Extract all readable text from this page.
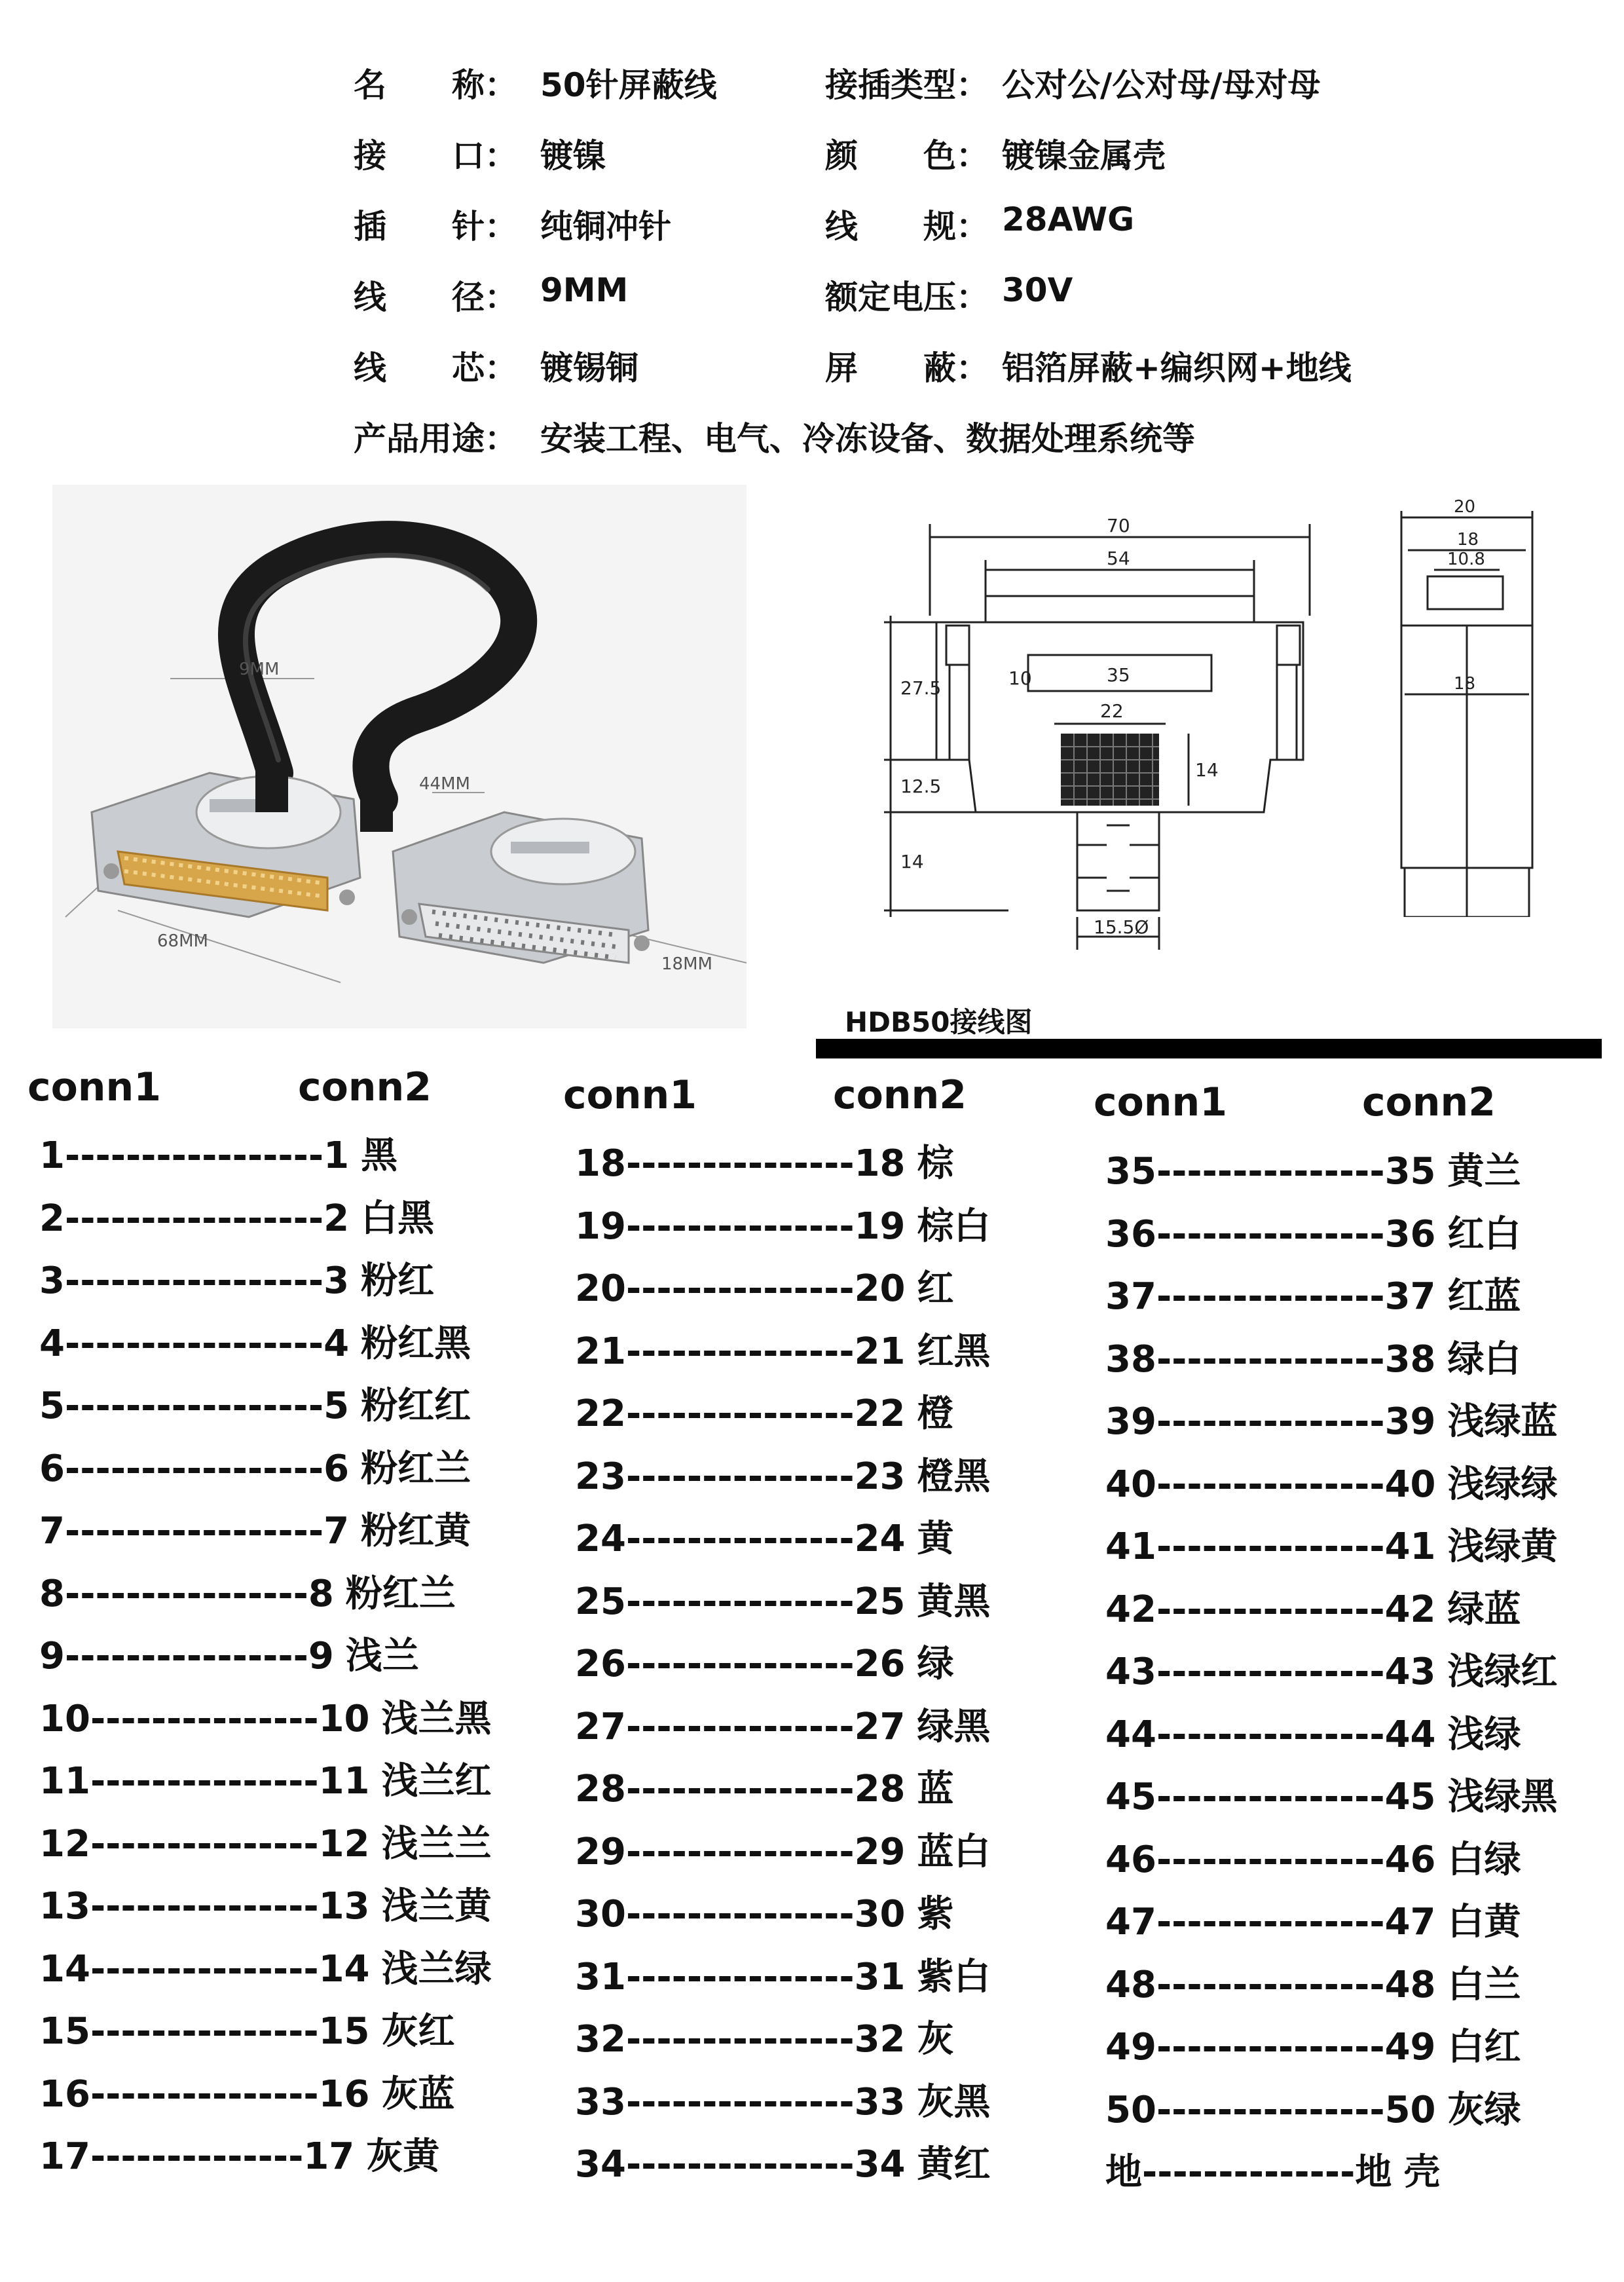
名　　称： 50针屏蔽线	接插类型： 公对公/公对母/母对母
接　　口： 镀镍	颜　　色： 镀镍金属壳
插　　针： 纯铜冲针	线　　规： 28AWG
线　　径： 9MM	额定电压： 30V
线　　芯： 镀锡铜	屏　　蔽： 铝箔屏蔽+编织网+地线
产品用途： 安装工程、电气、冷冻设备、数据处理系统等
9MM
68MM
44MM
18MM
70
54
35
10
22
14
27.5
12.5
14
15.5Ø
20
18
10.8
18
HDB50接线图
conn1	conn2	conn1	conn2	conn1	conn2
1-----------------1 黑
2-----------------2 白黑
3-----------------3 粉红
4-----------------4 粉红黑
5-----------------5 粉红红
6-----------------6 粉红兰
7-----------------7 粉红黄
8----------------8 粉红兰
9----------------9 浅兰
10---------------10 浅兰黑
11---------------11 浅兰红
12---------------12 浅兰兰
13---------------13 浅兰黄
14---------------14 浅兰绿
15---------------15 灰红
16---------------16 灰蓝
17--------------17 灰黄
18---------------18 棕
19---------------19 棕白
20---------------20 红
21---------------21 红黑
22---------------22 橙
23---------------23 橙黑
24---------------24 黄
25---------------25 黄黑
26---------------26 绿
27---------------27 绿黑
28---------------28 蓝
29---------------29 蓝白
30---------------30 紫
31---------------31 紫白
32---------------32 灰
33---------------33 灰黑
34---------------34 黄红
35---------------35 黄兰
36---------------36 红白
37---------------37 红蓝
38---------------38 绿白
39---------------39 浅绿蓝
40---------------40 浅绿绿
41---------------41 浅绿黄
42---------------42 绿蓝
43---------------43 浅绿红
44---------------44 浅绿
45---------------45 浅绿黑
46---------------46 白绿
47---------------47 白黄
48---------------48 白兰
49---------------49 白红
50---------------50 灰绿
地--------------地 壳
